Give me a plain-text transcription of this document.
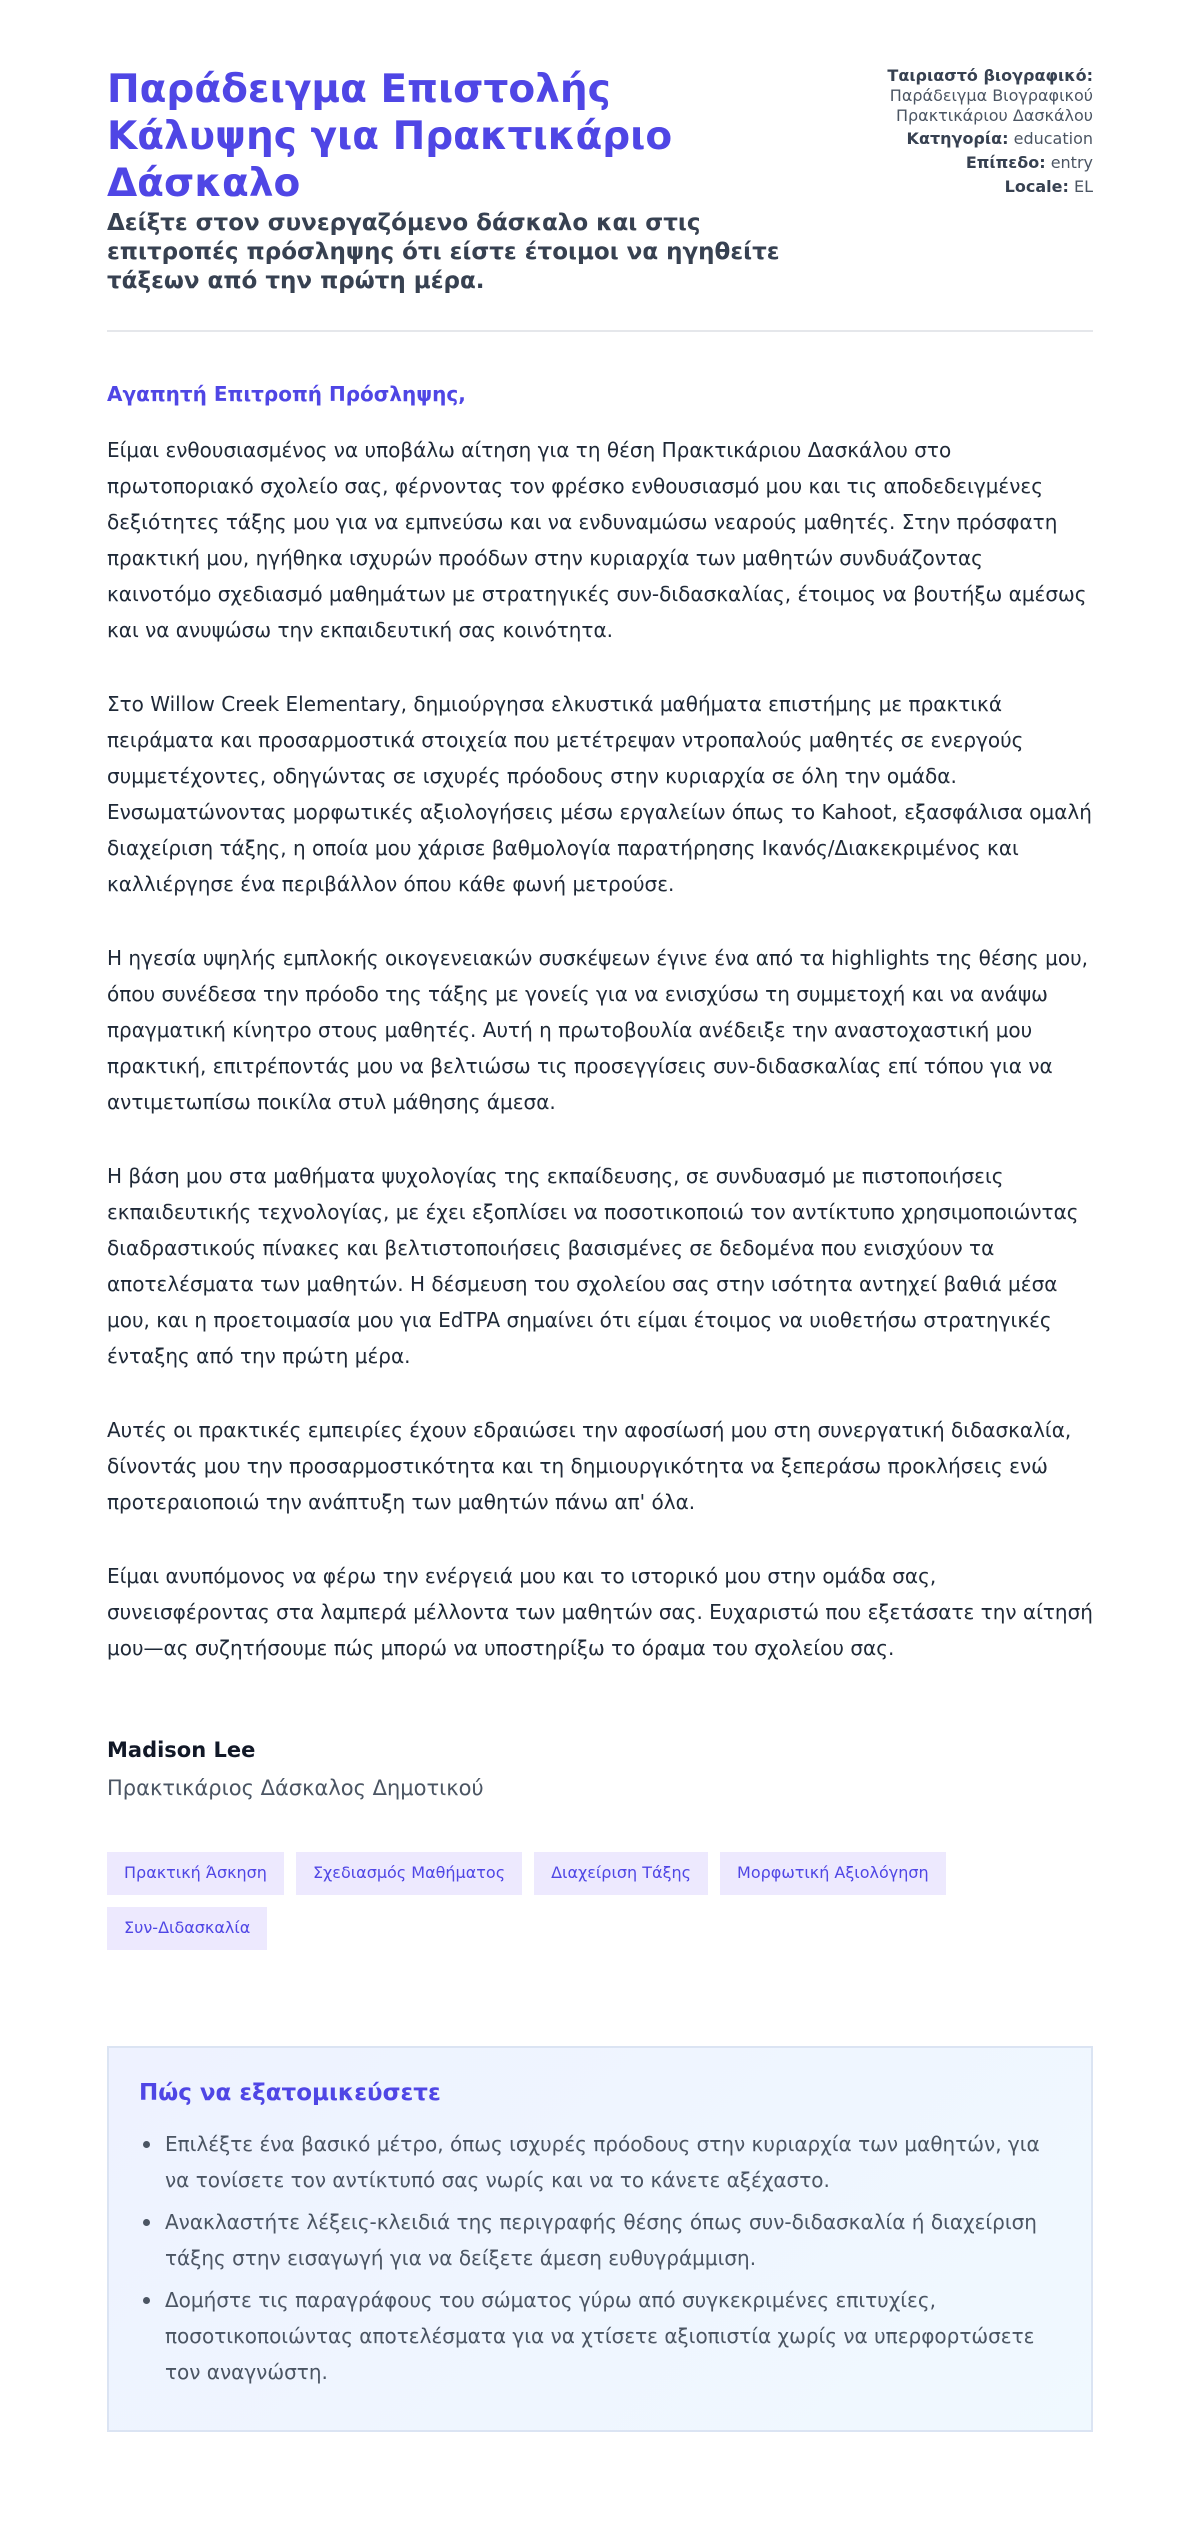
Παράδειγμα Επιστολής Κάλυψης για Πρακτικάριο Δάσκαλο
Δείξτε στον συνεργαζόμενο δάσκαλο και στις επιτροπές πρόσληψης ότι είστε έτοιμοι να ηγηθείτε τάξεων από την πρώτη μέρα.
Ταιριαστό βιογραφικό:
Παράδειγμα Βιογραφικού Πρακτικάριου Δασκάλου
Κατηγορία: education
Επίπεδο: entry
Locale: EL

Αγαπητή Επιτροπή Πρόσληψης,

Είμαι ενθουσιασμένος να υποβάλω αίτηση για τη θέση Πρακτικάριου Δασκάλου στο πρωτοποριακό σχολείο σας, φέρνοντας τον φρέσκο ενθουσιασμό μου και τις αποδεδειγμένες δεξιότητες τάξης μου για να εμπνεύσω και να ενδυναμώσω νεαρούς μαθητές. Στην πρόσφατη πρακτική μου, ηγήθηκα ισχυρών προόδων στην κυριαρχία των μαθητών συνδυάζοντας καινοτόμο σχεδιασμό μαθημάτων με στρατηγικές συν-διδασκαλίας, έτοιμος να βουτήξω αμέσως και να ανυψώσω την εκπαιδευτική σας κοινότητα.

Στο Willow Creek Elementary, δημιούργησα ελκυστικά μαθήματα επιστήμης με πρακτικά πειράματα και προσαρμοστικά στοιχεία που μετέτρεψαν ντροπαλούς μαθητές σε ενεργούς συμμετέχοντες, οδηγώντας σε ισχυρές πρόοδους στην κυριαρχία σε όλη την ομάδα. Ενσωματώνοντας μορφωτικές αξιολογήσεις μέσω εργαλείων όπως το Kahoot, εξασφάλισα ομαλή διαχείριση τάξης, η οποία μου χάρισε βαθμολογία παρατήρησης Ικανός/Διακεκριμένος και καλλιέργησε ένα περιβάλλον όπου κάθε φωνή μετρούσε.

Η ηγεσία υψηλής εμπλοκής οικογενειακών συσκέψεων έγινε ένα από τα highlights της θέσης μου, όπου συνέδεσα την πρόοδο της τάξης με γονείς για να ενισχύσω τη συμμετοχή και να ανάψω πραγματική κίνητρο στους μαθητές. Αυτή η πρωτοβουλία ανέδειξε την αναστοχαστική μου πρακτική, επιτρέποντάς μου να βελτιώσω τις προσεγγίσεις συν-διδασκαλίας επί τόπου για να αντιμετωπίσω ποικίλα στυλ μάθησης άμεσα.

Η βάση μου στα μαθήματα ψυχολογίας της εκπαίδευσης, σε συνδυασμό με πιστοποιήσεις εκπαιδευτικής τεχνολογίας, με έχει εξοπλίσει να ποσοτικοποιώ τον αντίκτυπο χρησιμοποιώντας διαδραστικούς πίνακες και βελτιστοποιήσεις βασισμένες σε δεδομένα που ενισχύουν τα αποτελέσματα των μαθητών. Η δέσμευση του σχολείου σας στην ισότητα αντηχεί βαθιά μέσα μου, και η προετοιμασία μου για EdTPA σημαίνει ότι είμαι έτοιμος να υιοθετήσω στρατηγικές ένταξης από την πρώτη μέρα.

Αυτές οι πρακτικές εμπειρίες έχουν εδραιώσει την αφοσίωσή μου στη συνεργατική διδασκαλία, δίνοντάς μου την προσαρμοστικότητα και τη δημιουργικότητα να ξεπεράσω προκλήσεις ενώ προτεραιοποιώ την ανάπτυξη των μαθητών πάνω απ' όλα.

Είμαι ανυπόμονος να φέρω την ενέργειά μου και το ιστορικό μου στην ομάδα σας, συνεισφέροντας στα λαμπερά μέλλοντα των μαθητών σας. Ευχαριστώ που εξετάσατε την αίτησή μου—ας συζητήσουμε πώς μπορώ να υποστηρίξω το όραμα του σχολείου σας.

Madison Lee

Πρακτικάριος Δάσκαλος Δημοτικού

Πρακτική Άσκηση	Σχεδιασμός Μαθήματος	Διαχείριση Τάξης	Μορφωτική Αξιολόγηση
Συν-Διδασκαλία
Πώς να εξατομικεύσετε
Επιλέξτε ένα βασικό μέτρο, όπως ισχυρές πρόοδους στην κυριαρχία των μαθητών, για να τονίσετε τον αντίκτυπό σας νωρίς και να το κάνετε αξέχαστο.
Ανακλαστήτε λέξεις-κλειδιά της περιγραφής θέσης όπως συν-διδασκαλία ή διαχείριση τάξης στην εισαγωγή για να δείξετε άμεση ευθυγράμμιση.
Δομήστε τις παραγράφους του σώματος γύρω από συγκεκριμένες επιτυχίες, ποσοτικοποιώντας αποτελέσματα για να χτίσετε αξιοπιστία χωρίς να υπερφορτώσετε τον αναγνώστη.
